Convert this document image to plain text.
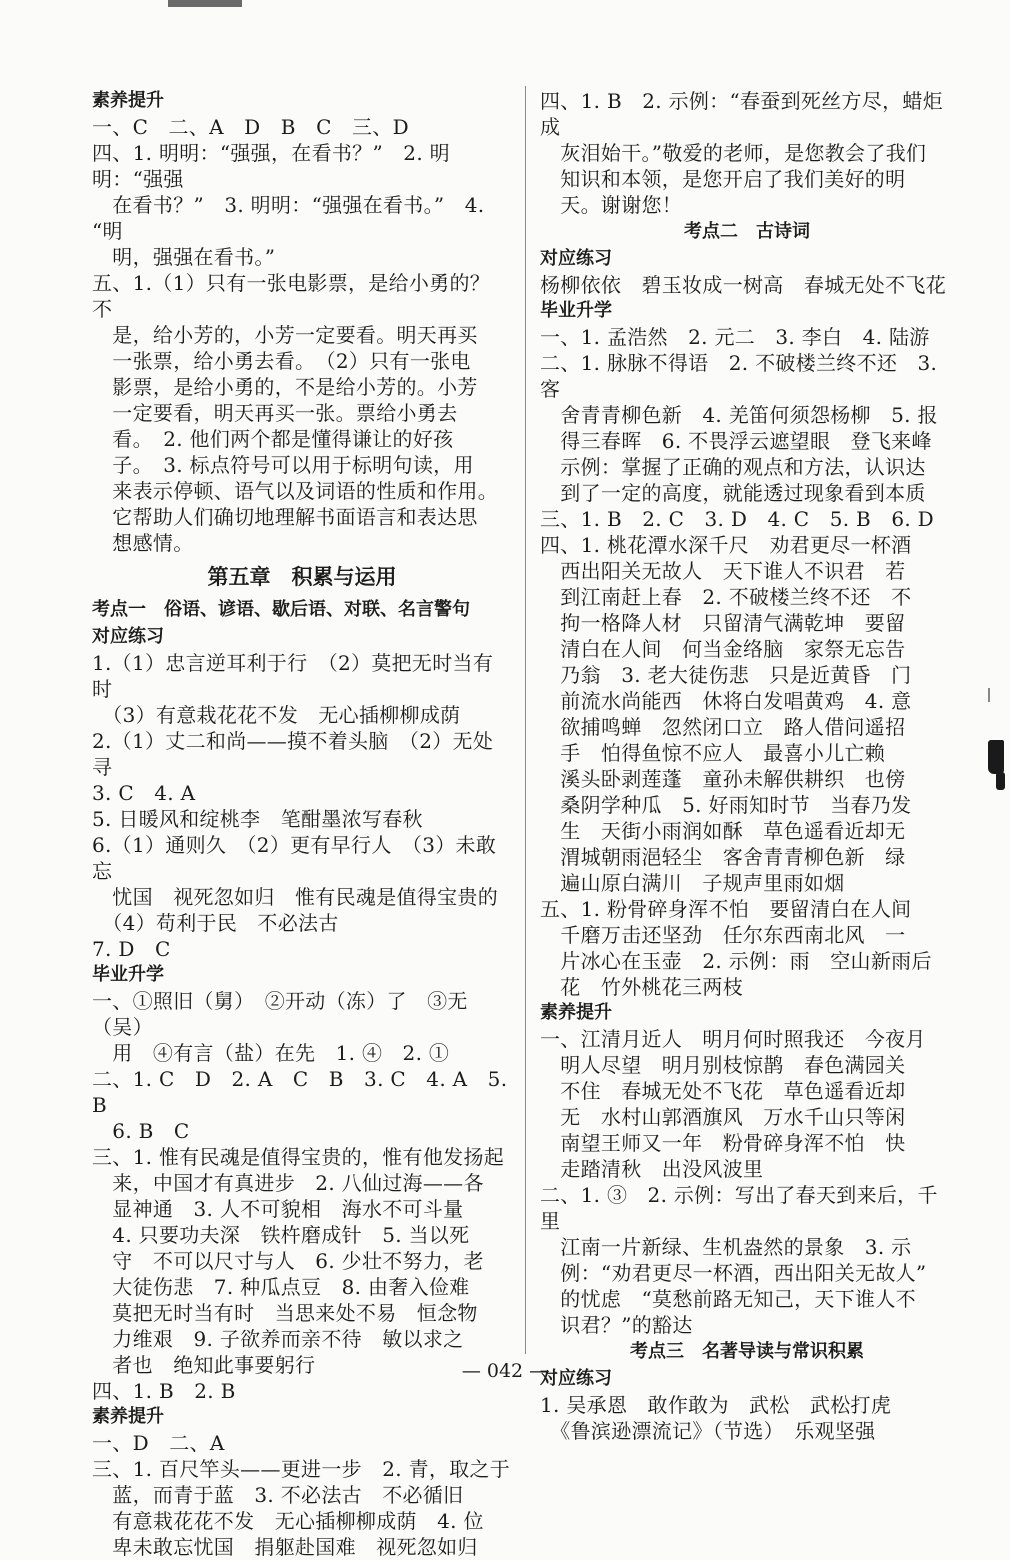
素养提升
一、C　二、A　D　B　C　三、D
四、1. 明明：“强强，在看书？”　2. 明明：“强强
　在看书？”　3. 明明：“强强在看书。”　4. “明
　明，强强在看书。”
五、1.（1）只有一张电影票，是给小勇的？ 不
　是，给小芳的，小芳一定要看。明天再买
　一张票，给小勇去看。　（2）只有一张电
　影票，是给小勇的，不是给小芳的。小芳
　一定要看，明天再买一张。票给小勇去
　看。　2. 他们两个都是懂得谦让的好孩
　子。　3. 标点符号可以用于标明句读，用
　来表示停顿、语气以及词语的性质和作用。
　它帮助人们确切地理解书面语言和表达思
　想感情。
第五章　积累与运用
考点一　俗语、谚语、歇后语、对联、名言警句
对应练习
1.（1）忠言逆耳利于行　（2）莫把无时当有时
　（3）有意栽花花不发　无心插柳柳成荫
2.（1）丈二和尚——摸不着头脑　（2）无处寻
3. C　4. A
5. 日暖风和绽桃李　笔酣墨浓写春秋
6.（1）通则久　（2）更有早行人　（3）未敢忘
　忧国　视死忽如归　惟有民魂是值得宝贵的
　（4）苟利于民　不必法古
7. D　C
毕业升学
一、①照旧（舅）　②开动（冻）了　③无（吴）
　用　④有言（盐）在先　1. ④　2. ①
二、1. C　D　2. A　C　B　3. C　4. A　5. B
　6. B　C
三、1. 惟有民魂是值得宝贵的，惟有他发扬起
　来，中国才有真进步　2. 八仙过海——各
　显神通　3. 人不可貌相　海水不可斗量
　4. 只要功夫深　铁杵磨成针　5. 当以死
　守　不可以尺寸与人　6. 少壮不努力，老
　大徒伤悲　7. 种瓜点豆　8. 由奢入俭难
　莫把无时当有时　当思来处不易　恒念物
　力维艰　9. 子欲养而亲不待　敏以求之
　者也　绝知此事要躬行
四、1. B　2. B
素养提升
一、D　二、A
三、1. 百尺竿头——更进一步　2. 青，取之于
　蓝，而青于蓝　3. 不必法古　不必循旧
　有意栽花花不发　无心插柳柳成荫　4. 位
　卑未敢忘忧国　捐躯赴国难　视死忽如归
四、1. B　2. 示例：“春蚕到死丝方尽，蜡炬成
　灰泪始干。”敬爱的老师，是您教会了我们
　知识和本领，是您开启了我们美好的明
　天。谢谢您！
考点二　古诗词
对应练习
杨柳依依　碧玉妆成一树高　春城无处不飞花
毕业升学
一、1. 孟浩然　2. 元二　3. 李白　4. 陆游
二、1. 脉脉不得语　2. 不破楼兰终不还　3. 客
　舍青青柳色新　4. 羌笛何须怨杨柳　5. 报
　得三春晖　6. 不畏浮云遮望眼　登飞来峰
　示例：掌握了正确的观点和方法，认识达
　到了一定的高度，就能透过现象看到本质
三、1. B　2. C　3. D　4. C　5. B　6. D
四、1. 桃花潭水深千尺　劝君更尽一杯酒
　西出阳关无故人　天下谁人不识君　若
　到江南赶上春　2. 不破楼兰终不还　不
　拘一格降人材　只留清气满乾坤　要留
　清白在人间　何当金络脑　家祭无忘告
　乃翁　3. 老大徒伤悲　只是近黄昏　门
　前流水尚能西　休将白发唱黄鸡　4. 意
　欲捕鸣蝉　忽然闭口立　路人借问遥招
　手　怕得鱼惊不应人　最喜小儿亡赖
　溪头卧剥莲蓬　童孙未解供耕织　也傍
　桑阴学种瓜　5. 好雨知时节　当春乃发
　生　天街小雨润如酥　草色遥看近却无
　渭城朝雨浥轻尘　客舍青青柳色新　绿
　遍山原白满川　子规声里雨如烟
五、1. 粉骨碎身浑不怕　要留清白在人间
　千磨万击还坚劲　任尔东西南北风　一
　片冰心在玉壶　2. 示例：雨　空山新雨后
　花　竹外桃花三两枝
素养提升
一、江清月近人　明月何时照我还　今夜月
　明人尽望　明月别枝惊鹊　春色满园关
　不住　春城无处不飞花　草色遥看近却
　无　水村山郭酒旗风　万水千山只等闲
　南望王师又一年　粉骨碎身浑不怕　快
　走踏清秋　出没风波里
二、1. ③　2. 示例：写出了春天到来后，千里
　江南一片新绿、生机盎然的景象　3. 示
　例：“劝君更尽一杯酒，西出阳关无故人”
　的忧虑　“莫愁前路无知己，天下谁人不
　识君？”的豁达
考点三　名著导读与常识积累
对应练习
1. 吴承恩　敢作敢为　武松　武松打虎
　《鲁滨逊漂流记》（节选）　乐观坚强
— 042 —
